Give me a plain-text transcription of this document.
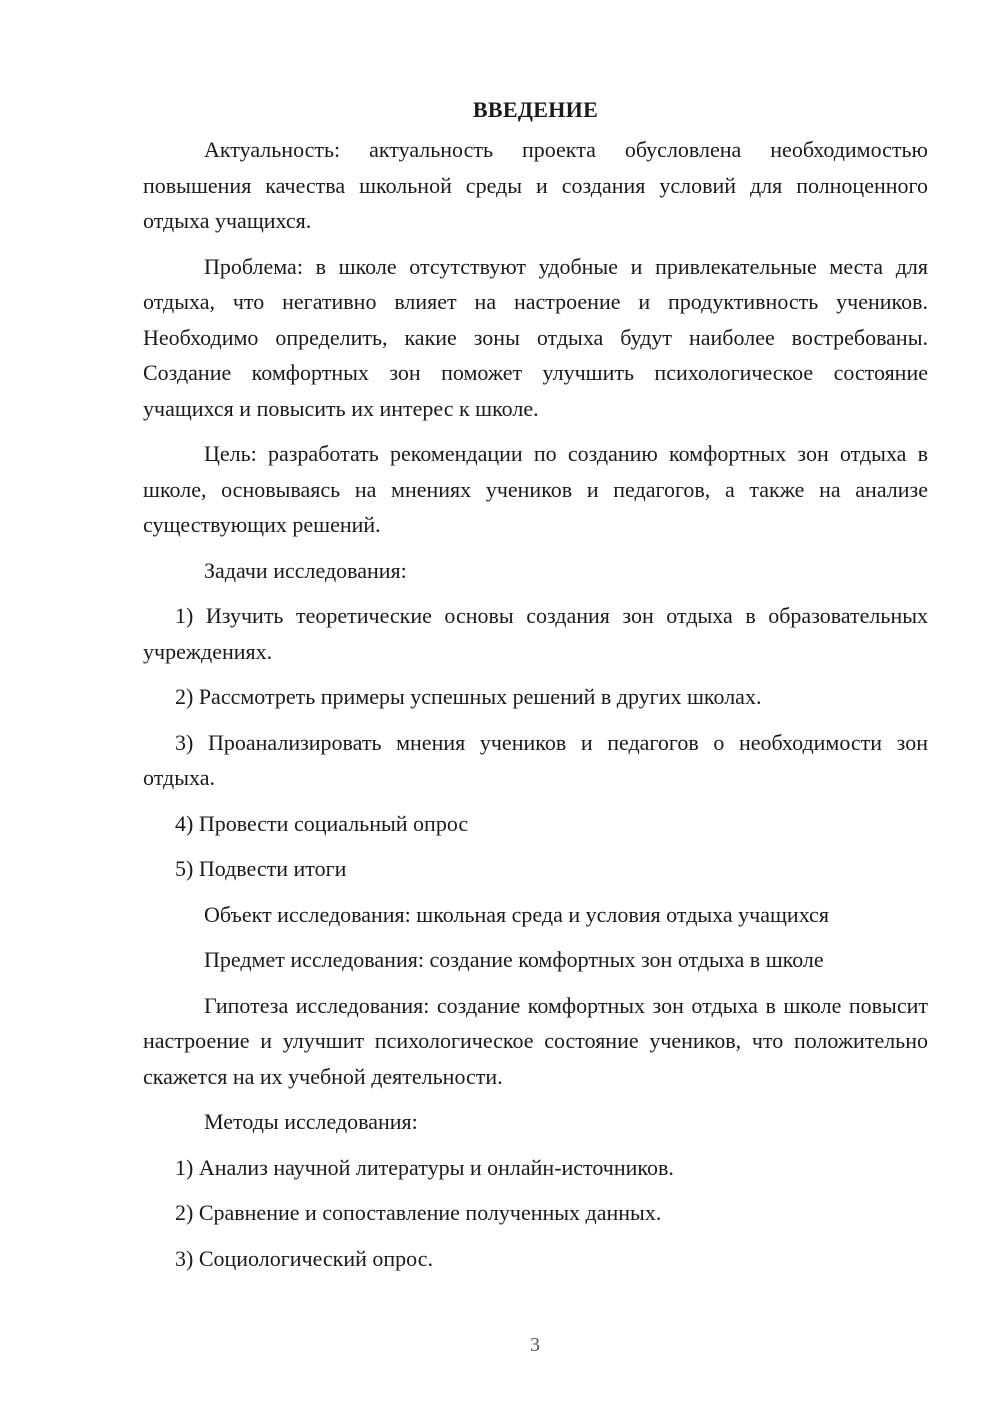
ВВЕДЕНИЕ

Актуальность: актуальность проекта обусловлена необходимостью повышения качества школьной среды и создания условий для полноценного отдыха учащихся.

Проблема: в школе отсутствуют удобные и привлекательные места для отдыха, что негативно влияет на настроение и продуктивность учеников. Необходимо определить, какие зоны отдыха будут наиболее востребованы. Создание комфортных зон поможет улучшить психологическое состояние учащихся и повысить их интерес к школе.

Цель: разработать рекомендации по созданию комфортных зон отдыха в школе, основываясь на мнениях учеников и педагогов, а также на анализе существующих решений.

Задачи исследования:

1) Изучить теоретические основы создания зон отдыха в образовательных учреждениях.

2) Рассмотреть примеры успешных решений в других школах.

3) Проанализировать мнения учеников и педагогов о необходимости зон отдыха.

4) Провести социальный опрос

5) Подвести итоги

Объект исследования: школьная среда и условия отдыха учащихся

Предмет исследования: создание комфортных зон отдыха в школе

Гипотеза исследования: создание комфортных зон отдыха в школе повысит настроение и улучшит психологическое состояние учеников, что положительно скажется на их учебной деятельности.

Методы исследования:

1) Анализ научной литературы и онлайн-источников.

2) Сравнение и сопоставление полученных данных.

3) Социологический опрос.

3
